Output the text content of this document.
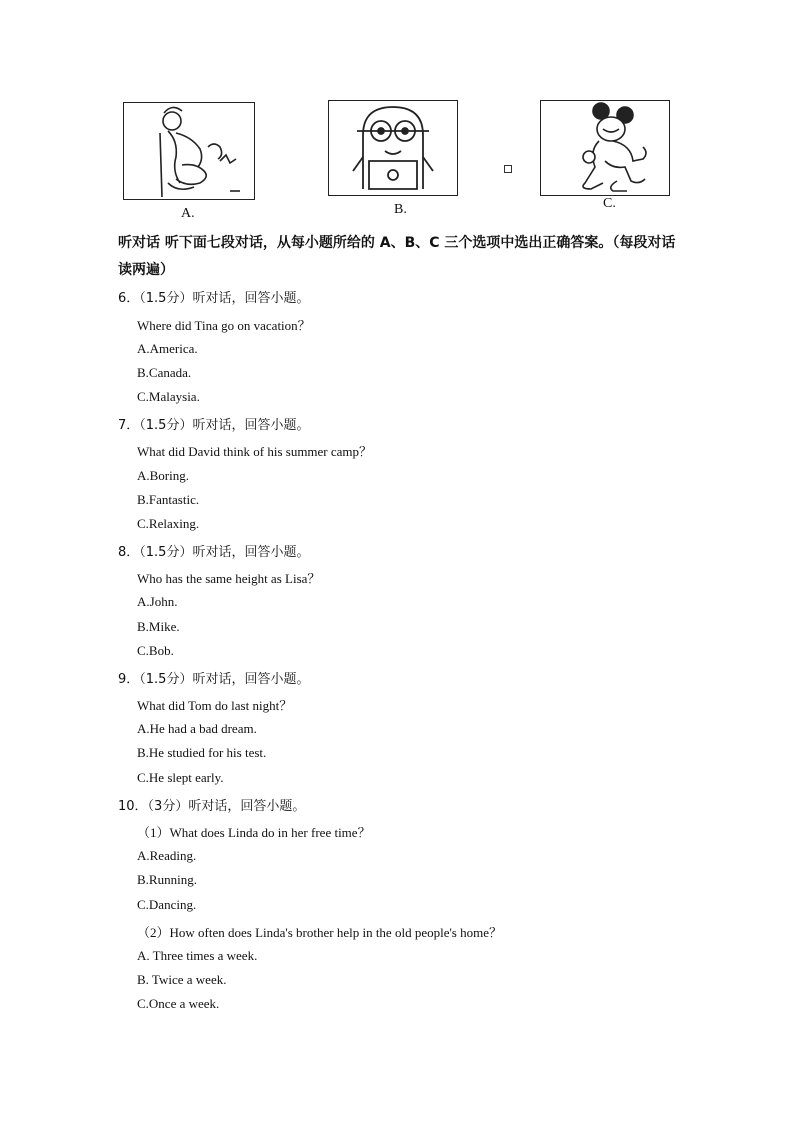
A.	B.	C.
听对话 听下面七段对话，从每小题所给的 A、B、C 三个选项中选出正确答案。（每段对话读两遍）
6．（1.5分）听对话，回答小题。
Where did Tina go on vacation？
A.America.
B.Canada.
C.Malaysia.
7．（1.5分）听对话，回答小题。
What did David think of his summer camp？
A.Boring.
B.Fantastic.
C.Relaxing.
8．（1.5分）听对话，回答小题。
Who has the same height as Lisa？
A.John.
B.Mike.
C.Bob.
9．（1.5分）听对话，回答小题。
What did Tom do last night？
A.He had a bad dream.
B.He studied for his test.
C.He slept early.
10．（3分）听对话，回答小题。
（1）What does Linda do in her free time？
A.Reading.
B.Running.
C.Dancing.
（2）How often does Linda's brother help in the old people's home？
A. Three times a week.
B. Twice a week.
C.Once a week.
